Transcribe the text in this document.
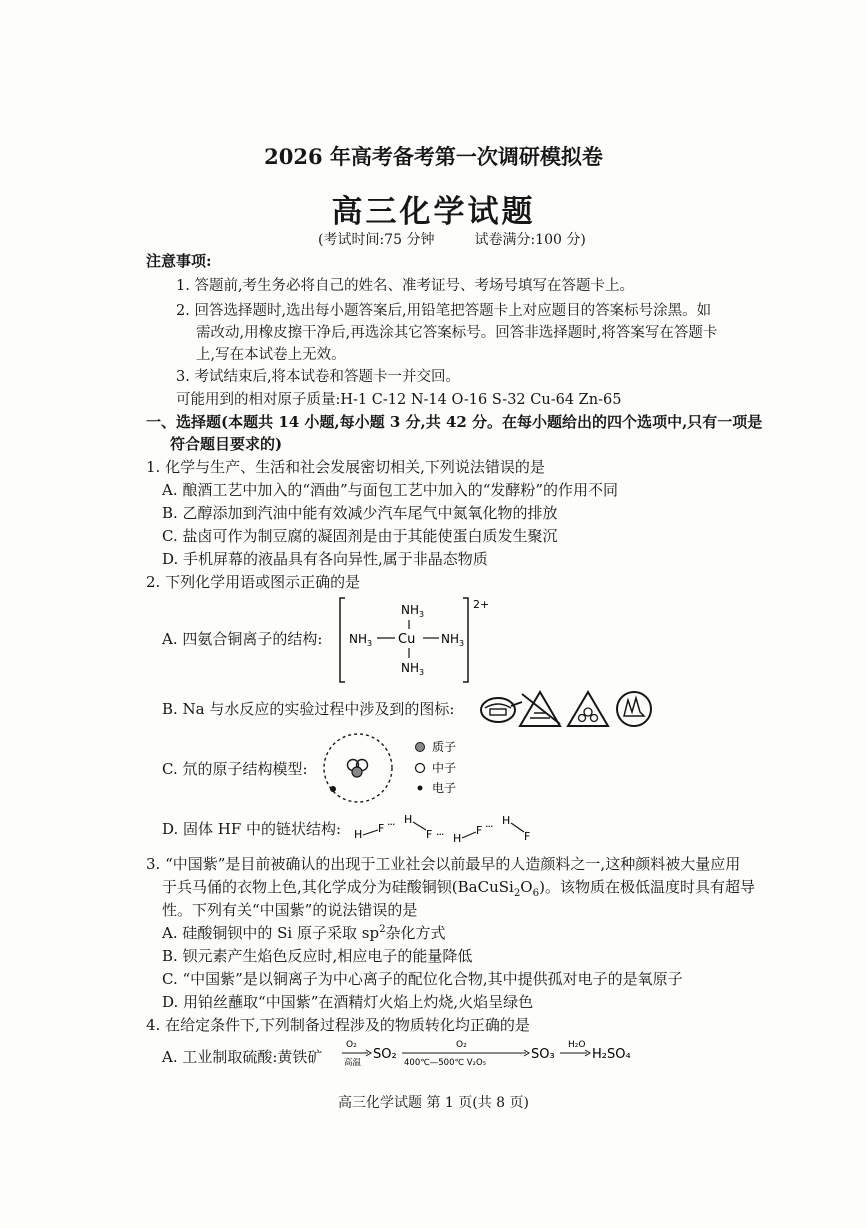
2026 年高考备考第一次调研模拟卷
高三化学试题
(考试时间:75 分钟	试卷满分:100 分)
注意事项:
1. 答题前,考生务必将自己的姓名、准考证号、考场号填写在答题卡上。
2. 回答选择题时,选出每小题答案后,用铅笔把答题卡上对应题目的答案标号涂黑。如
需改动,用橡皮擦干净后,再选涂其它答案标号。回答非选择题时,将答案写在答题卡
上,写在本试卷上无效。
3. 考试结束后,将本试卷和答题卡一并交回。
可能用到的相对原子质量:H-1 C-12 N-14 O-16 S-32 Cu-64 Zn-65
一、选择题(本题共 14 小题,每小题 3 分,共 42 分。在每小题给出的四个选项中,只有一项是
符合题目要求的)
1. 化学与生产、生活和社会发展密切相关,下列说法错误的是
A. 酿酒工艺中加入的“酒曲”与面包工艺中加入的“发酵粉”的作用不同
B. 乙醇添加到汽油中能有效减少汽车尾气中氮氧化物的排放
C. 盐卤可作为制豆腐的凝固剂是由于其能使蛋白质发生聚沉
D. 手机屏幕的液晶具有各向异性,属于非晶态物质
2. 下列化学用语或图示正确的是
A. 四氨合铜离子的结构:
2+
$NH_3$
$NH_3$ Cu $NH_3$
$NH_3$
B. Na 与水反应的实验过程中涉及到的图标:
C. 氘的原子结构模型:
质子
中子
电子
D. 固体 HF 中的链状结构: H F ··· H
F ··· H
F ··· H
F
3. “中国紫”是目前被确认的出现于工业社会以前最早的人造颜料之一,这种颜料被大量应用
于兵马俑的衣物上色,其化学成分为硅酸铜钡$(BaCuSi_2O_6)$。该物质在极低温度时具有超导
性。下列有关“中国紫”的说法错误的是
A. 硅酸铜钡中的 Si 原子采取 $sp^2$杂化方式
B. 钡元素产生焰色反应时,相应电子的能量降低
C. “中国紫”是以铜离子为中心离子的配位化合物,其中提供孤对电子的是氧原子
D. 用铂丝蘸取“中国紫”在酒精灯火焰上灼烧,火焰呈绿色
4. 在给定条件下,下列制备过程涉及的物质转化均正确的是
A. 工业制取硫酸:黄铁矿
O₂
高温
SO₂
O₂
400℃—500℃ V₂O₅
SO₃
H₂O
H₂SO₄
高三化学试题 第 1 页(共 8 页)
